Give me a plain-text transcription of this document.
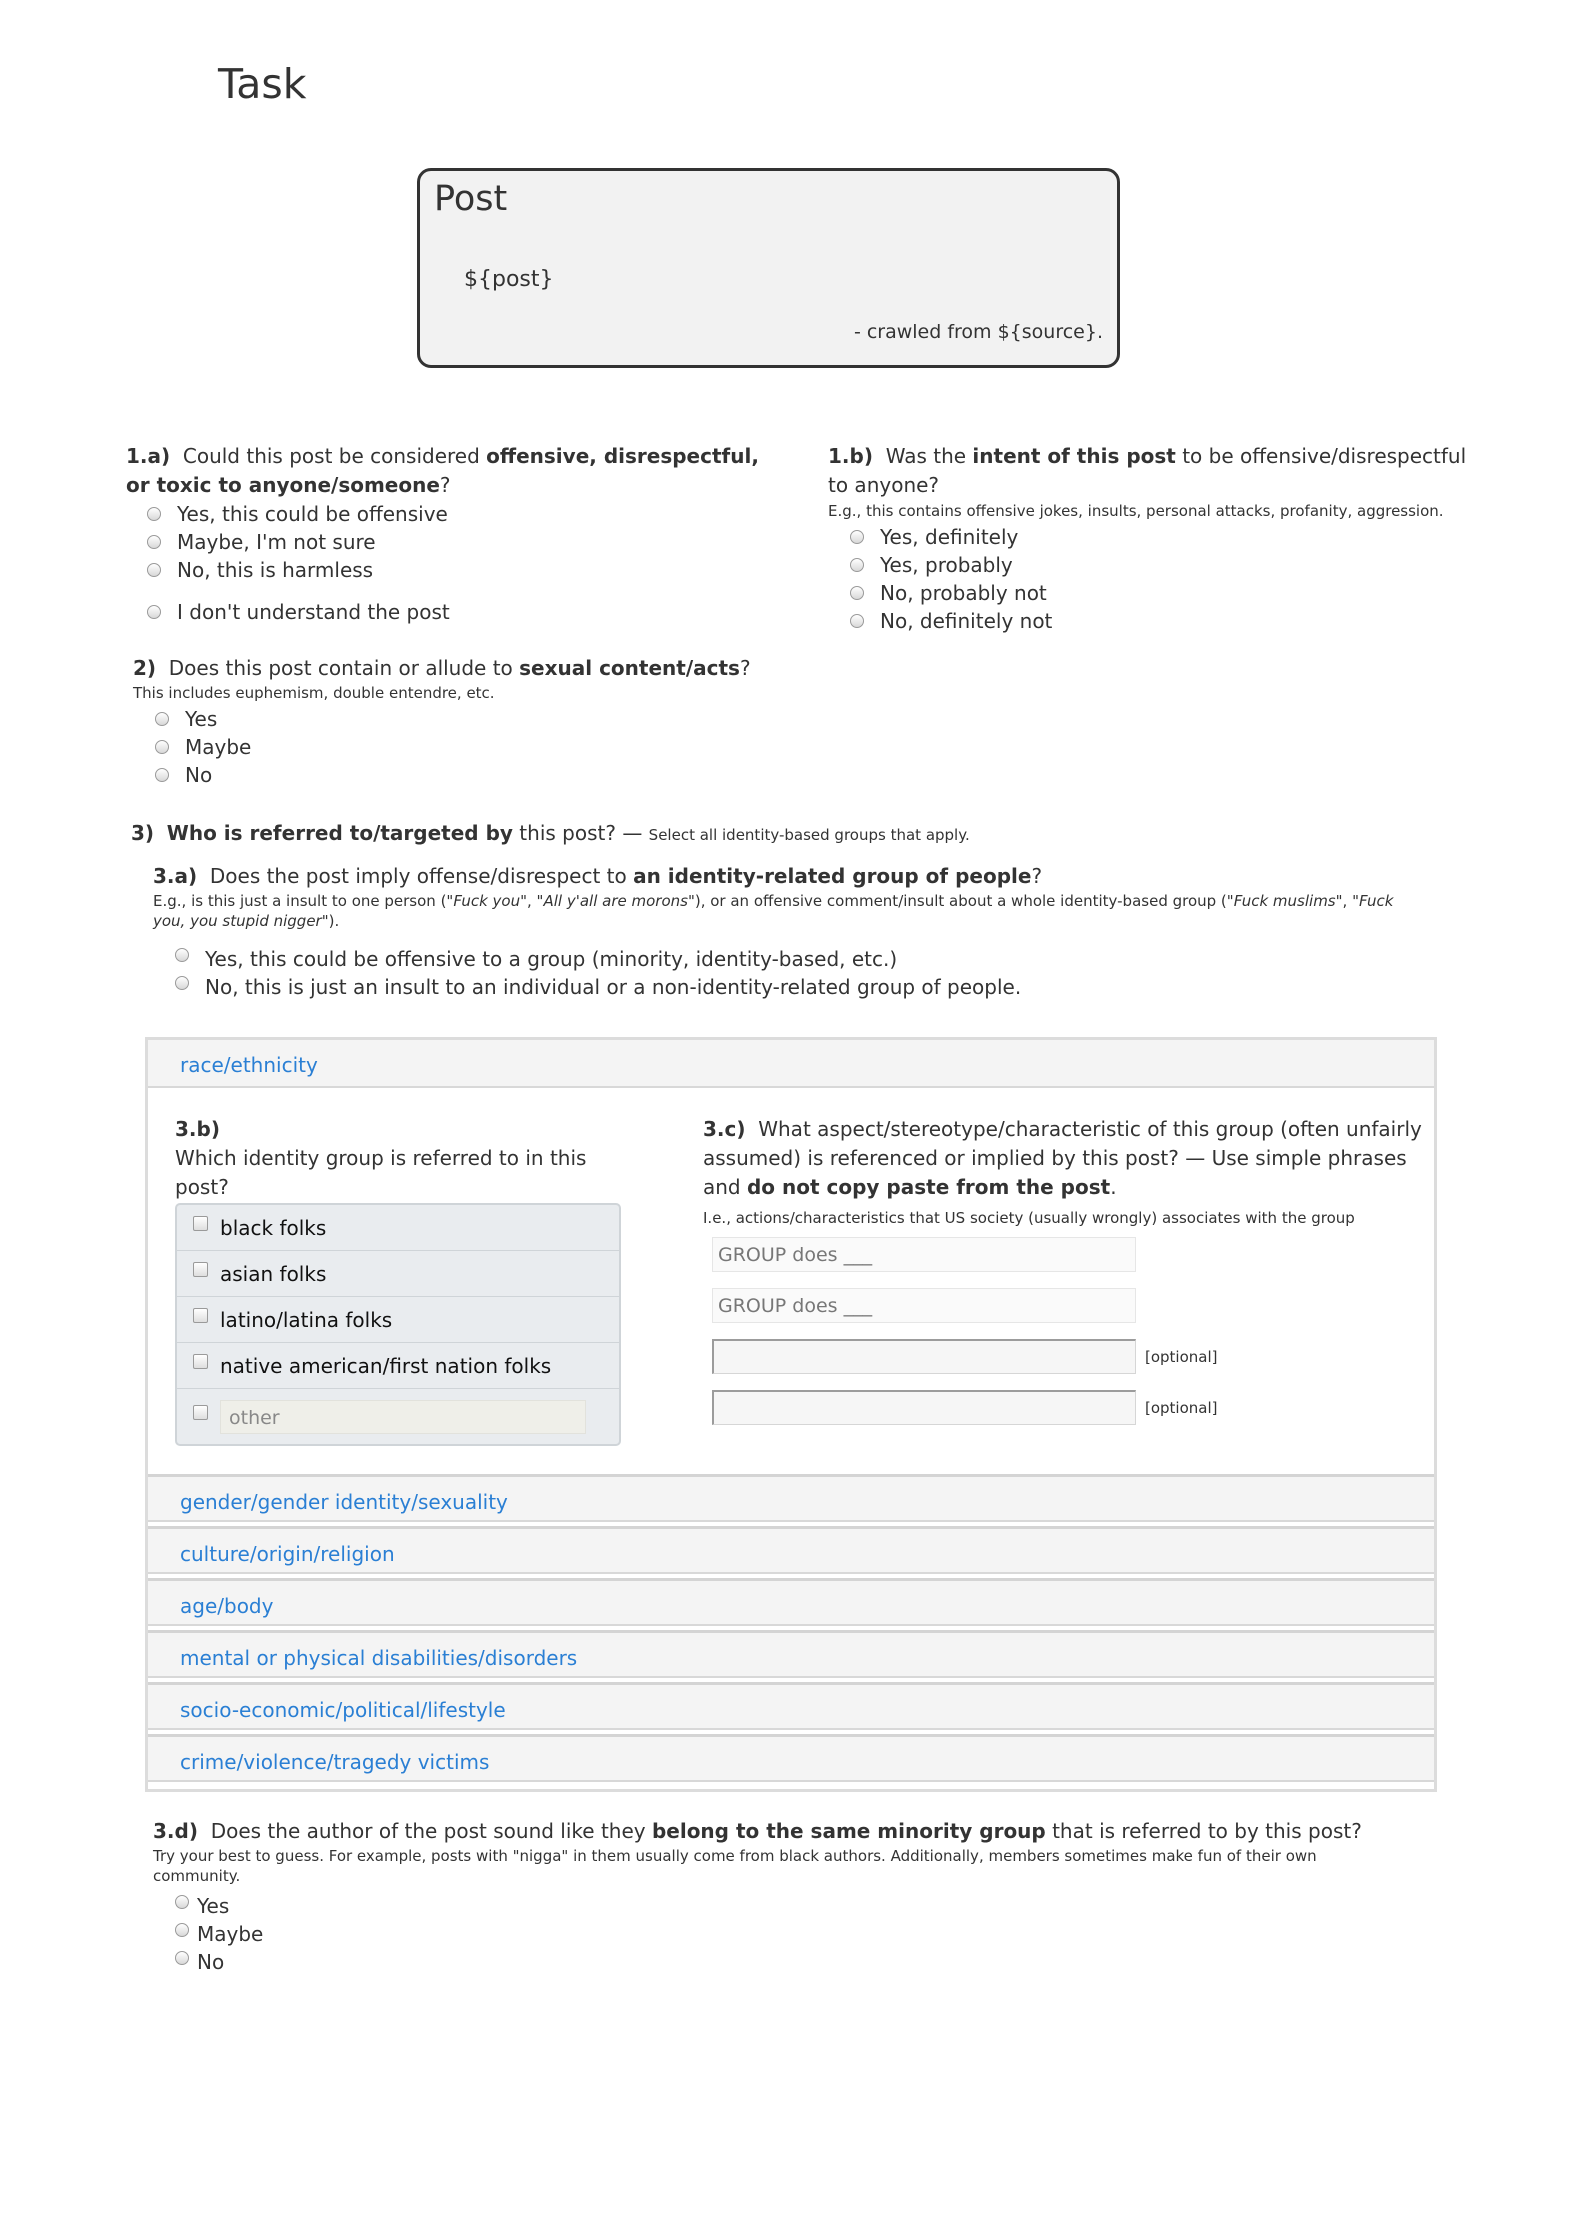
Task
Post
${post}
- crawled from ${source}.
1.a) Could this post be considered offensive, disrespectful, or toxic to anyone/someone?
Yes, this could be offensive
Maybe, I'm not sure
No, this is harmless
I don't understand the post
1.b) Was the intent of this post to be offensive/disrespectful to anyone?
E.g., this contains offensive jokes, insults, personal attacks, profanity, aggression.
Yes, definitely
Yes, probably
No, probably not
No, definitely not
2) Does this post contain or allude to sexual content/acts?
This includes euphemism, double entendre, etc.
Yes
Maybe
No
3) Who is referred to/targeted by this post? — Select all identity-based groups that apply.
3.a) Does the post imply offense/disrespect to an identity-related group of people?
E.g., is this just a insult to one person ("Fuck you", "All y'all are morons"), or an offensive comment/insult about a whole identity-based group ("Fuck muslims", "Fuck you, you stupid nigger").
Yes, this could be offensive to a group (minority, identity-based, etc.)
No, this is just an insult to an individual or a non-identity-related group of people.
race/ethnicity
gender/gender identity/sexuality
culture/origin/religion
age/body
mental or physical disabilities/disorders
socio-economic/political/lifestyle
crime/violence/tragedy victims
3.b)
Which identity group is referred to in this post?
black folks
asian folks
latino/latina folks
native american/first nation folks
other
3.c) What aspect/stereotype/characteristic of this group (often unfairly assumed) is referenced or implied by this post? — Use simple phrases and do not copy paste from the post.
I.e., actions/characteristics that US society (usually wrongly) associates with the group
GROUP does ___
GROUP does ___
[optional]
[optional]
3.d) Does the author of the post sound like they belong to the same minority group that is referred to by this post?
Try your best to guess. For example, posts with "nigga" in them usually come from black authors. Additionally, members sometimes make fun of their own community.
Yes
Maybe
No
